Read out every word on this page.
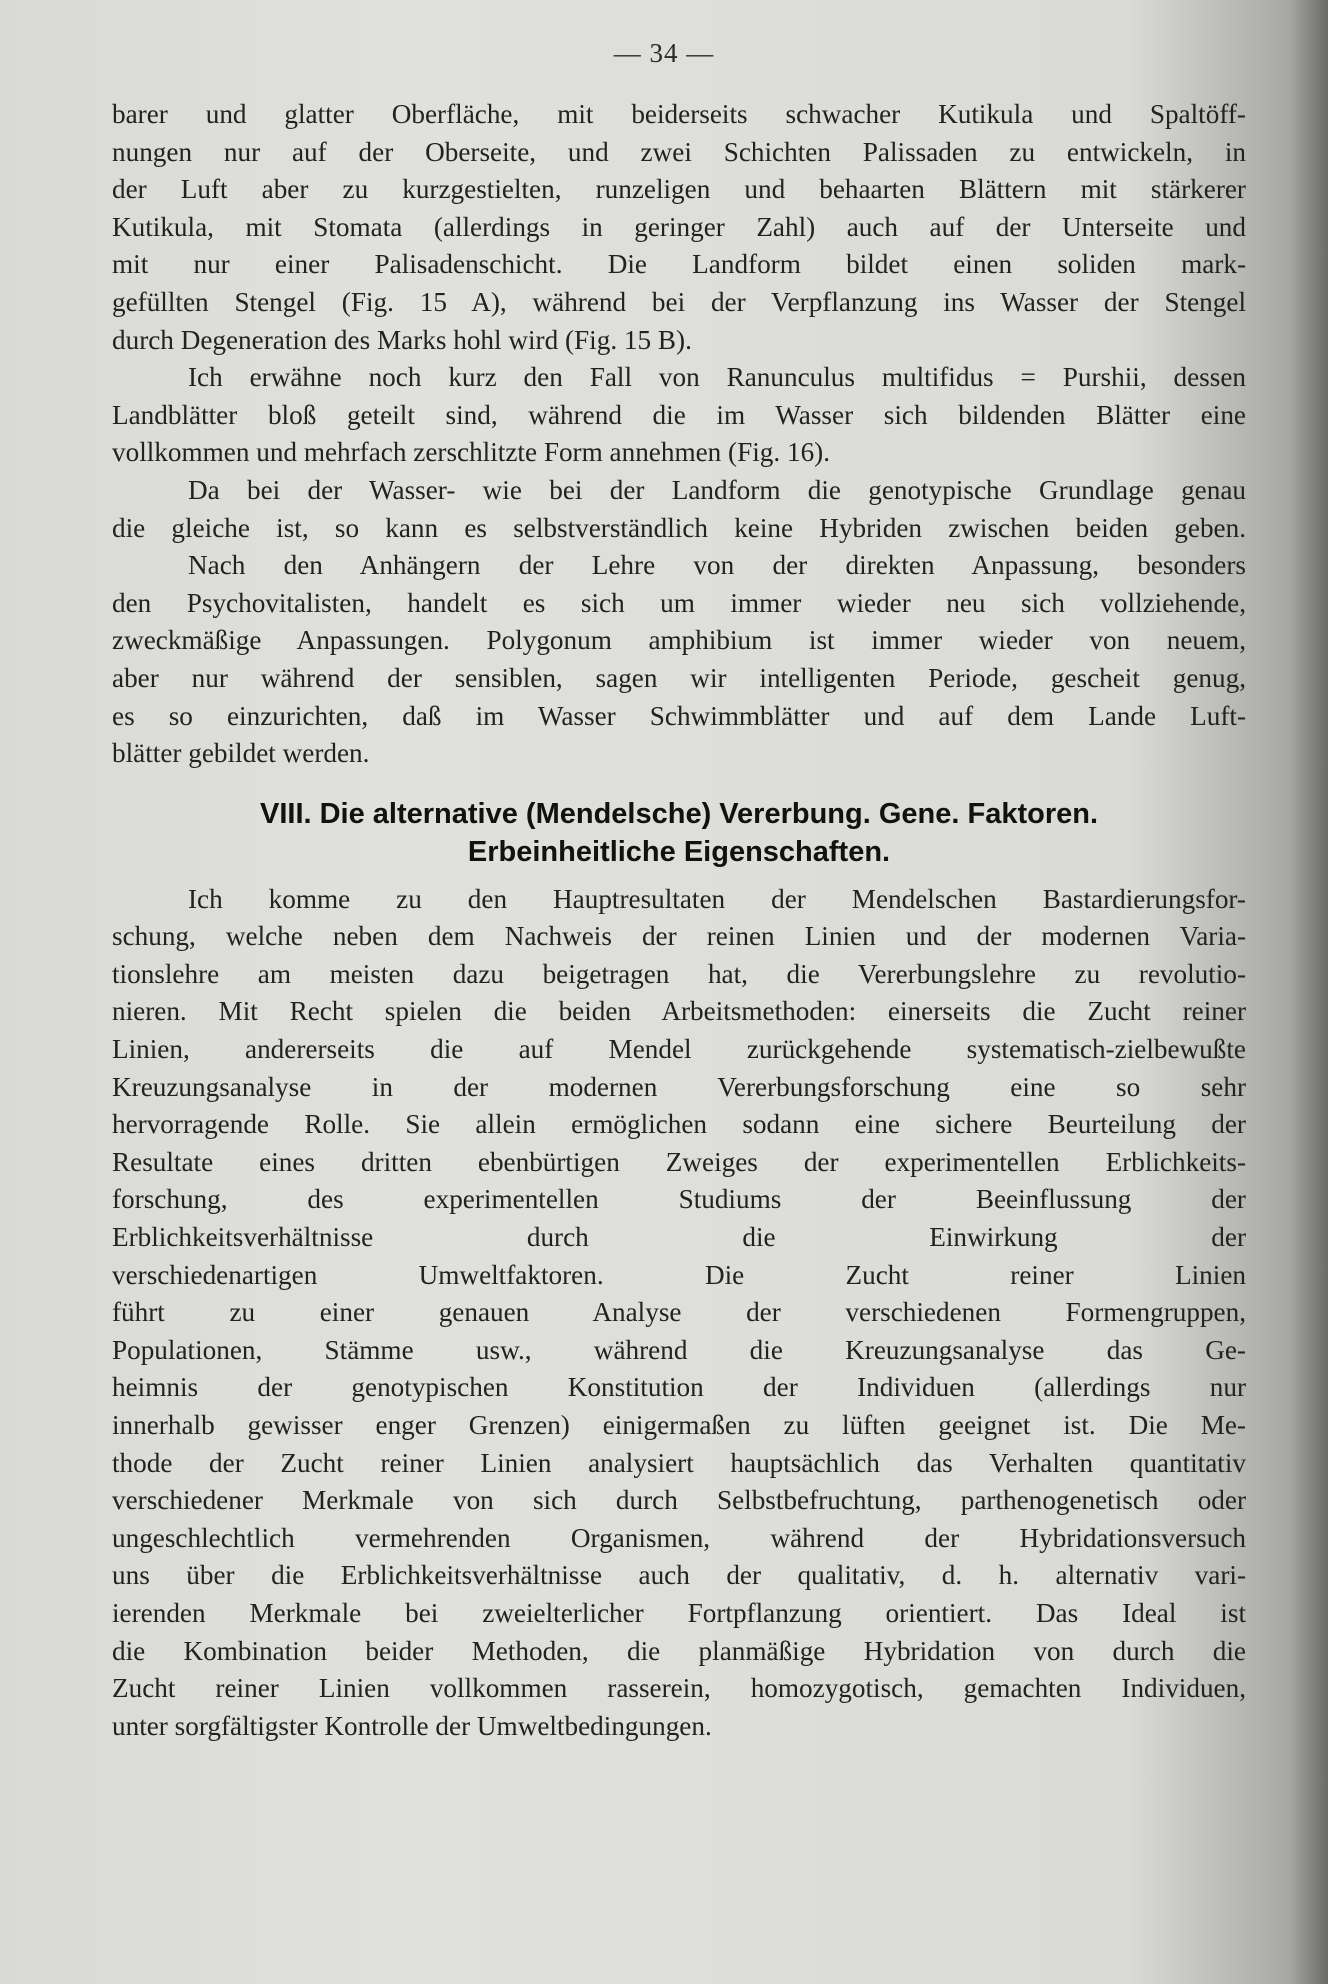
— 34 —
barer und glatter Oberfläche, mit beiderseits schwacher Kutikula und Spaltöff-
nungen nur auf der Oberseite, und zwei Schichten Palissaden zu entwickeln, in
der Luft aber zu kurzgestielten, runzeligen und behaarten Blättern mit stärkerer
Kutikula, mit Stomata (allerdings in geringer Zahl) auch auf der Unterseite und
mit nur einer Palisadenschicht. Die Landform bildet einen soliden mark-
gefüllten Stengel (Fig. 15 A), während bei der Verpflanzung ins Wasser der Stengel
durch Degeneration des Marks hohl wird (Fig. 15 B).
Ich erwähne noch kurz den Fall von Ranunculus multifidus = Purshii, dessen
Landblätter bloß geteilt sind, während die im Wasser sich bildenden Blätter eine
vollkommen und mehrfach zerschlitzte Form annehmen (Fig. 16).
Da bei der Wasser- wie bei der Landform die genotypische Grundlage genau
die gleiche ist, so kann es selbstverständlich keine Hybriden zwischen beiden geben.
Nach den Anhängern der Lehre von der direkten Anpassung, besonders
den Psychovitalisten, handelt es sich um immer wieder neu sich vollziehende,
zweckmäßige Anpassungen. Polygonum amphibium ist immer wieder von neuem,
aber nur während der sensiblen, sagen wir intelligenten Periode, gescheit genug,
es so einzurichten, daß im Wasser Schwimmblätter und auf dem Lande Luft-
blätter gebildet werden.
VIII. Die alternative (Mendelsche) Vererbung. Gene. Faktoren.
Erbeinheitliche Eigenschaften.
Ich komme zu den Hauptresultaten der Mendelschen Bastardierungsfor-
schung, welche neben dem Nachweis der reinen Linien und der modernen Varia-
tionslehre am meisten dazu beigetragen hat, die Vererbungslehre zu revolutio-
nieren. Mit Recht spielen die beiden Arbeitsmethoden: einerseits die Zucht reiner
Linien, andererseits die auf Mendel zurückgehende systematisch-zielbewußte
Kreuzungsanalyse in der modernen Vererbungsforschung eine so sehr
hervorragende Rolle. Sie allein ermöglichen sodann eine sichere Beurteilung der
Resultate eines dritten ebenbürtigen Zweiges der experimentellen Erblichkeits-
forschung, des experimentellen Studiums der Beeinflussung der
Erblichkeitsverhältnisse durch die Einwirkung der
verschiedenartigen Umweltfaktoren. Die Zucht reiner Linien
führt zu einer genauen Analyse der verschiedenen Formengruppen,
Populationen, Stämme usw., während die Kreuzungsanalyse das Ge-
heimnis der genotypischen Konstitution der Individuen (allerdings nur
innerhalb gewisser enger Grenzen) einigermaßen zu lüften geeignet ist. Die Me-
thode der Zucht reiner Linien analysiert hauptsächlich das Verhalten quantitativ
verschiedener Merkmale von sich durch Selbstbefruchtung, parthenogenetisch oder
ungeschlechtlich vermehrenden Organismen, während der Hybridationsversuch
uns über die Erblichkeitsverhältnisse auch der qualitativ, d. h. alternativ vari-
ierenden Merkmale bei zweielterlicher Fortpflanzung orientiert. Das Ideal ist
die Kombination beider Methoden, die planmäßige Hybridation von durch die
Zucht reiner Linien vollkommen rasserein, homozygotisch, gemachten Individuen,
unter sorgfältigster Kontrolle der Umweltbedingungen.
